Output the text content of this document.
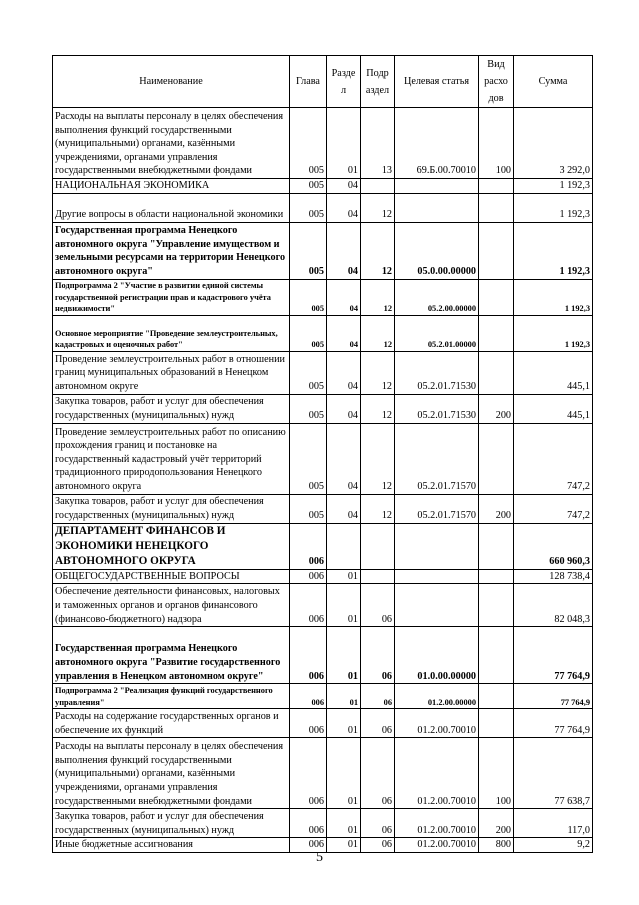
Наименование	Глава	Разде л	Подр аздел	Целевая статья	Вид расхо дов	Сумма
Расходы на выплаты персоналу в целях обеспечения выполнения функций государственными (муниципальными) органами, казёнными учреждениями, органами управления государственными внебюджетными фондами	005	01	13	69.Б.00.70010	100	3 292,0
НАЦИОНАЛЬНАЯ ЭКОНОМИКА	005	04				1 192,3
Другие вопросы в области национальной экономики	005	04	12			1 192,3
Государственная программа Ненецкого автономного округа "Управление имуществом и земельными ресурсами на территории Ненецкого автономного округа"	005	04	12	05.0.00.00000		1 192,3
Подпрограмма 2 "Участие в развитии единой системы государственной регистрации прав и кадастрового учёта недвижимости"	005	04	12	05.2.00.00000		1 192,3
Основное мероприятие "Проведение землеустроительных, кадастровых и оценочных работ"	005	04	12	05.2.01.00000		1 192,3
Проведение землеустроительных работ в отношении границ муниципальных образований в Ненецком автономном округе	005	04	12	05.2.01.71530		445,1
Закупка товаров, работ и услуг для обеспечения государственных (муниципальных) нужд	005	04	12	05.2.01.71530	200	445,1
Проведение землеустроительных работ по описанию прохождения границ и постановке на государственный кадастровый учёт территорий традиционного природопользования Ненецкого автономного округа	005	04	12	05.2.01.71570		747,2
Закупка товаров, работ и услуг для обеспечения государственных (муниципальных) нужд	005	04	12	05.2.01.71570	200	747,2
ДЕПАРТАМЕНТ ФИНАНСОВ И ЭКОНОМИКИ НЕНЕЦКОГО АВТОНОМНОГО ОКРУГА	006					660 960,3
ОБЩЕГОСУДАРСТВЕННЫЕ ВОПРОСЫ	006	01				128 738,4
Обеспечение деятельности финансовых, налоговых и таможенных органов и органов финансового (финансово-бюджетного) надзора	006	01	06			82 048,3
Государственная программа Ненецкого автономного округа "Развитие государственного управления в Ненецком автономном округе"	006	01	06	01.0.00.00000		77 764,9
Подпрограмма 2 "Реализация функций государственного управления"	006	01	06	01.2.00.00000		77 764,9
Расходы на содержание государственных органов и обеспечение их функций	006	01	06	01.2.00.70010		77 764,9
Расходы на выплаты персоналу в целях обеспечения выполнения функций государственными (муниципальными) органами, казёнными учреждениями, органами управления государственными внебюджетными фондами	006	01	06	01.2.00.70010	100	77 638,7
Закупка товаров, работ и услуг для обеспечения государственных (муниципальных) нужд	006	01	06	01.2.00.70010	200	117,0
Иные бюджетные ассигнования	006	01	06	01.2.00.70010	800	9,2
5
